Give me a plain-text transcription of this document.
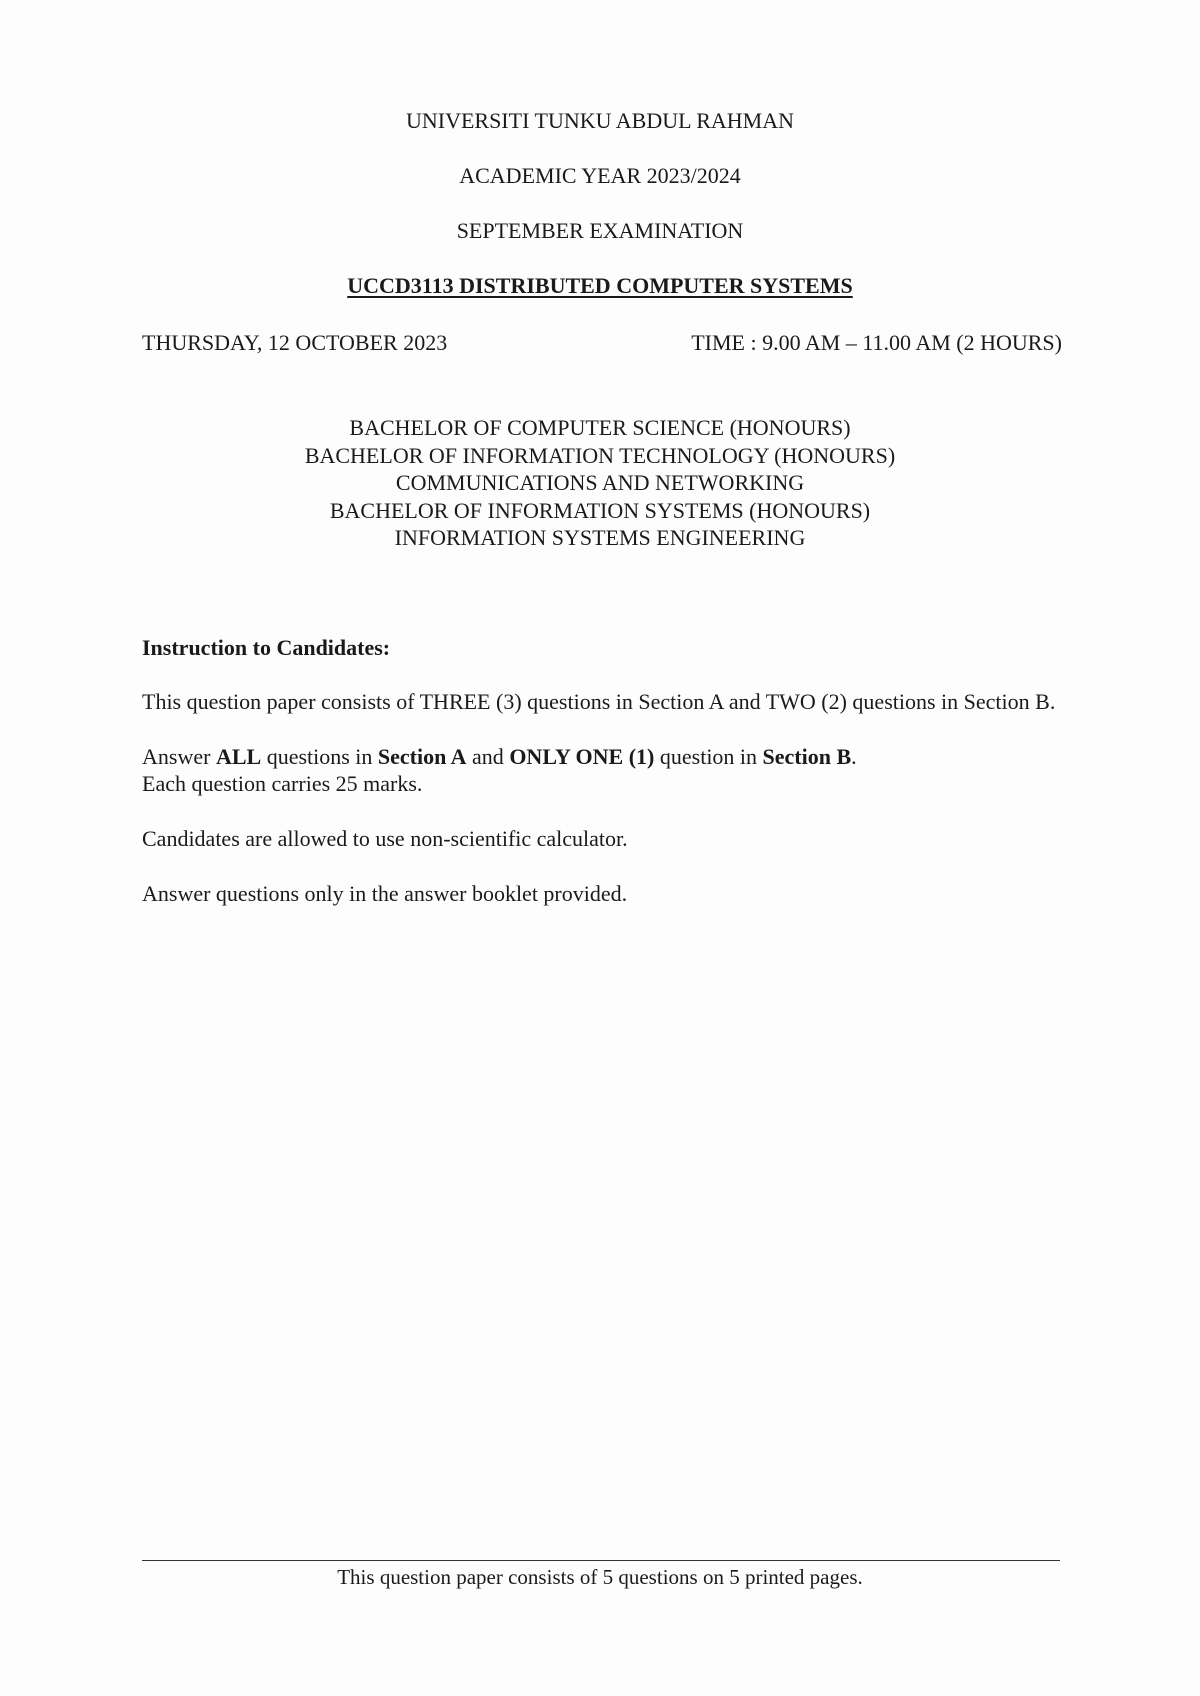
UNIVERSITI TUNKU ABDUL RAHMAN
ACADEMIC YEAR 2023/2024
SEPTEMBER EXAMINATION
UCCD3113 DISTRIBUTED COMPUTER SYSTEMS
THURSDAY, 12 OCTOBER 2023	TIME : 9.00 AM – 11.00 AM (2 HOURS)
BACHELOR OF COMPUTER SCIENCE (HONOURS)
BACHELOR OF INFORMATION TECHNOLOGY (HONOURS)
COMMUNICATIONS AND NETWORKING
BACHELOR OF INFORMATION SYSTEMS (HONOURS)
INFORMATION SYSTEMS ENGINEERING

Instruction to Candidates:

This question paper consists of THREE (3) questions in Section A and TWO (2) questions in Section B.

Answer ALL questions in Section A and ONLY ONE (1) question in Section B.
Each question carries 25 marks.

Candidates are allowed to use non-scientific calculator.

Answer questions only in the answer booklet provided.

This question paper consists of 5 questions on 5 printed pages.
